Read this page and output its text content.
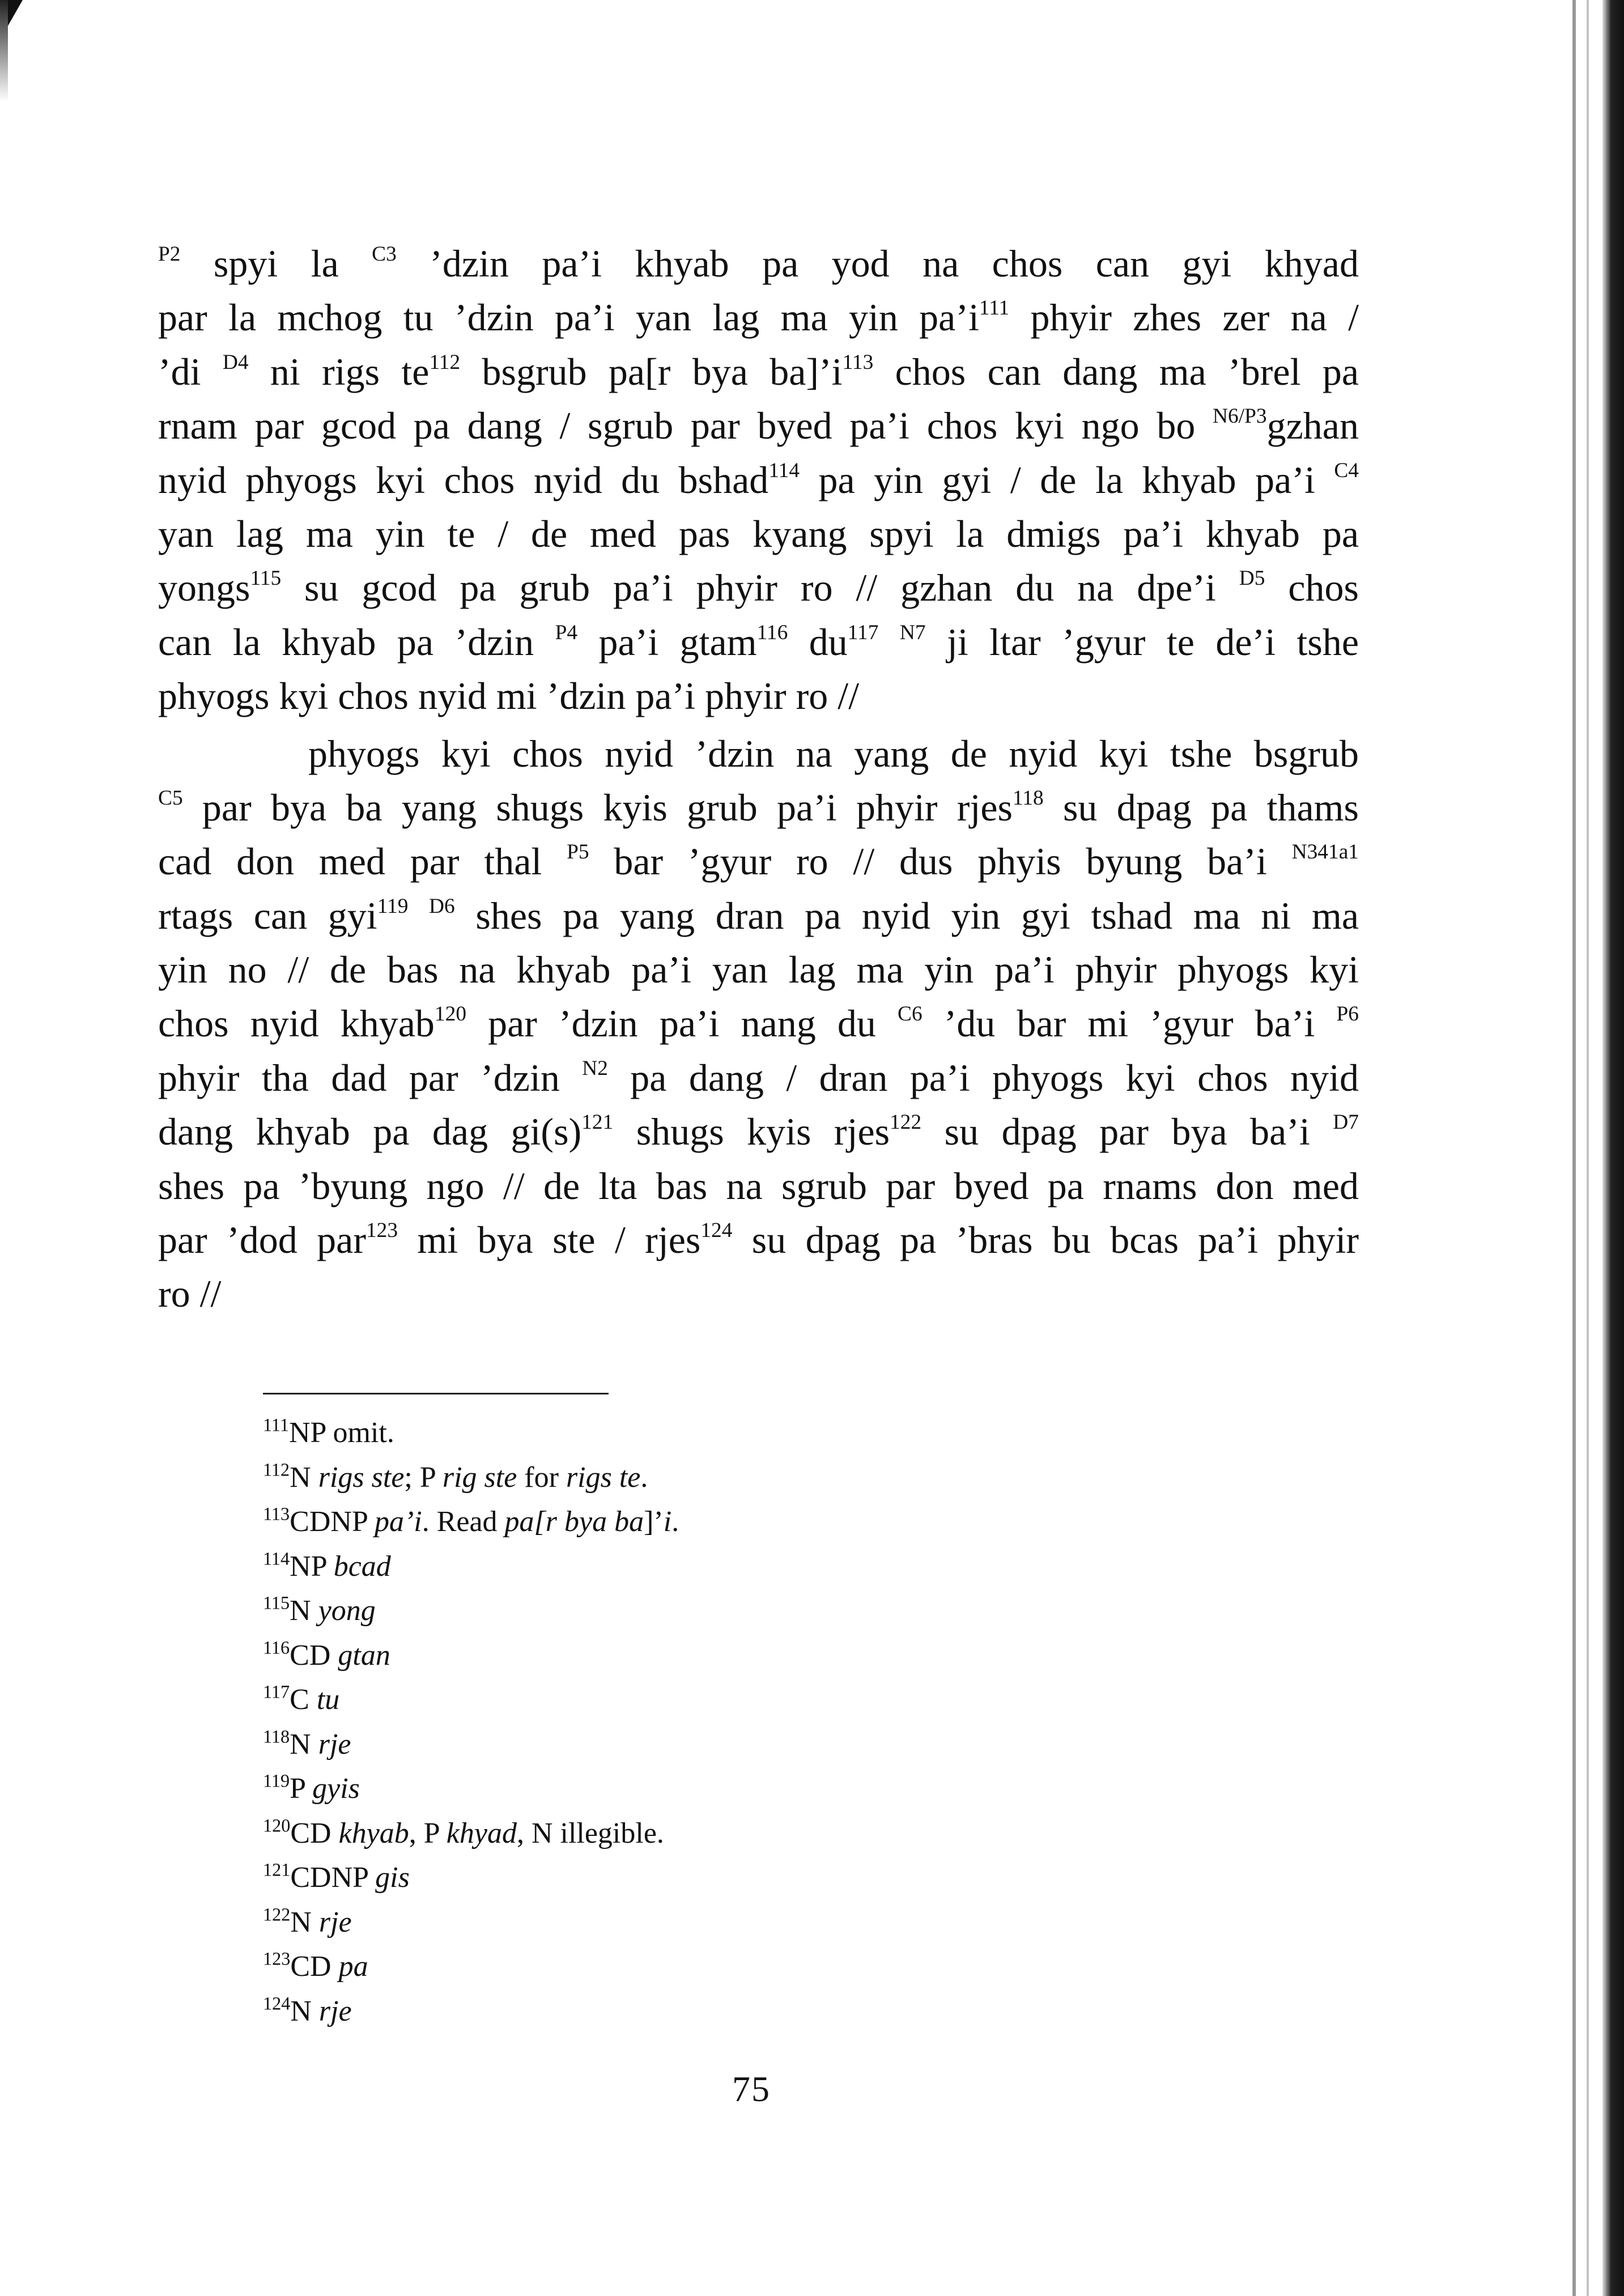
$^{P2}$ spyi la $^{C3}$ ’dzin pa’i khyab pa yod na chos can gyi khyad
par la mchog tu ’dzin pa’i yan lag ma yin $pa’i^{111}$ phyir zhes zer na /
’di $^{D4}$ ni rigs $te^{112}$ bsgrub pa[r bya $ba]’i^{113}$ chos can dang ma ’brel pa
rnam par gcod pa dang / sgrub par byed pa’i chos kyi ngo bo $^{N6/P3}$gzhan
nyid phyogs kyi chos nyid du bshad$^{114}$ pa yin gyi / de la khyab pa’i $^{C4}$
yan lag ma yin te / de med pas kyang spyi la dmigs pa’i khyab pa
yongs$^{115}$ su gcod pa grub pa’i phyir ro // gzhan du na dpe’i $^{D5}$ chos
can la khyab pa ’dzin $^{P4}$ pa’i gtam$^{116}$ $du^{117}$ $^{N7}$ ji ltar ’gyur te de’i tshe
phyogs kyi chos nyid mi ’dzin pa’i phyir ro //
phyogs kyi chos nyid ’dzin na yang de nyid kyi tshe bsgrub
$^{C5}$ par bya ba yang shugs kyis grub pa’i phyir rjes$^{118}$ su dpag pa thams
cad don med par thal $^{P5}$ bar ’gyur ro // dus phyis byung ba’i $^{N341a1}$
rtags can gyi$^{119}$ $^{D6}$ shes pa yang dran pa nyid yin gyi tshad ma ni ma
yin no // de bas na khyab pa’i yan lag ma yin pa’i phyir phyogs kyi
chos nyid khyab$^{120}$ par ’dzin pa’i nang du $^{C6}$ ’du bar mi ’gyur ba’i $^{P6}$
phyir tha dad par ’dzin $^{N2}$ pa dang / dran pa’i phyogs kyi chos nyid
dang khyab pa dag $gi(s)^{121}$ shugs kyis rjes$^{122}$ su dpag par bya ba’i $^{D7}$
shes pa ’byung ngo // de lta bas na sgrub par byed pa rnams don med
par ’dod par$^{123}$ mi bya ste / rjes$^{124}$ su dpag pa ’bras bu bcas pa’i phyir
ro //
$^{111}$NP omit.
$^{112}$N rigs ste; P rig ste for rigs te.
$^{113}$CDNP pa’i. Read pa[r bya ba]’i.
$^{114}$NP bcad
$^{115}$N yong
$^{116}$CD gtan
$^{117}$C tu
$^{118}$N rje
$^{119}$P gyis
$^{120}$CD khyab, P khyad, N illegible.
$^{121}$CDNP gis
$^{122}$N rje
$^{123}$CD pa
$^{124}$N rje
75
